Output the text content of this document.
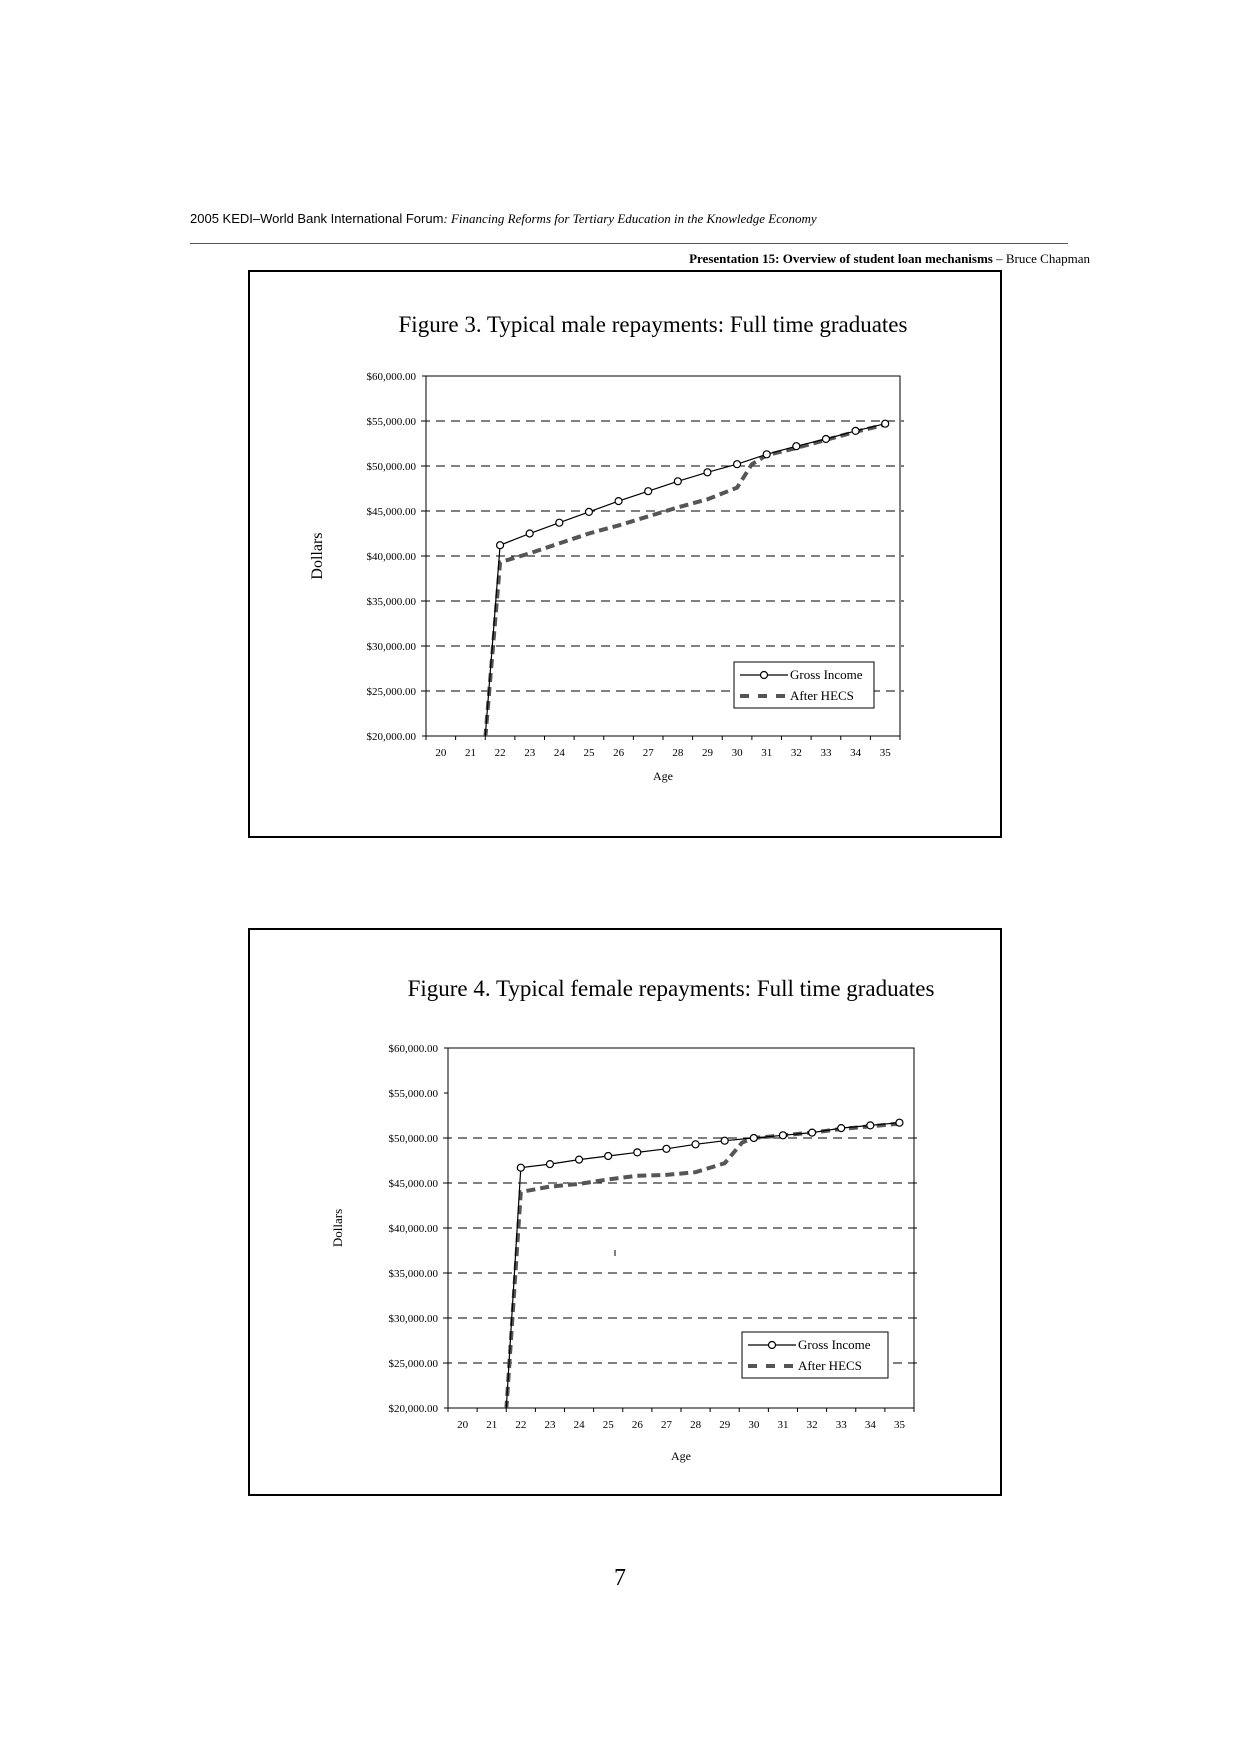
2005 KEDI–World Bank International Forum: Financing Reforms for Tertiary Education in the Knowledge Economy
Presentation 15: Overview of student loan mechanisms – Bruce Chapman
Figure 3. Typical male repayments: Full time graduates
$20,000.00
$25,000.00
$30,000.00
$35,000.00
$40,000.00
$45,000.00
$50,000.00
$55,000.00
$60,000.00
20 21 22 23 24 25 26 27 28 29 30 31 32 33 34 35
Age
Dollars
Gross Income
After HECS
Figure 4. Typical female repayments: Full time graduates
$20,000.00
$25,000.00
$30,000.00
$35,000.00
$40,000.00
$45,000.00
$50,000.00
$55,000.00
$60,000.00
20 21 22 23 24 25 26 27 28 29 30 31 32 33 34 35
Age
Dollars
Gross Income
After HECS
7
